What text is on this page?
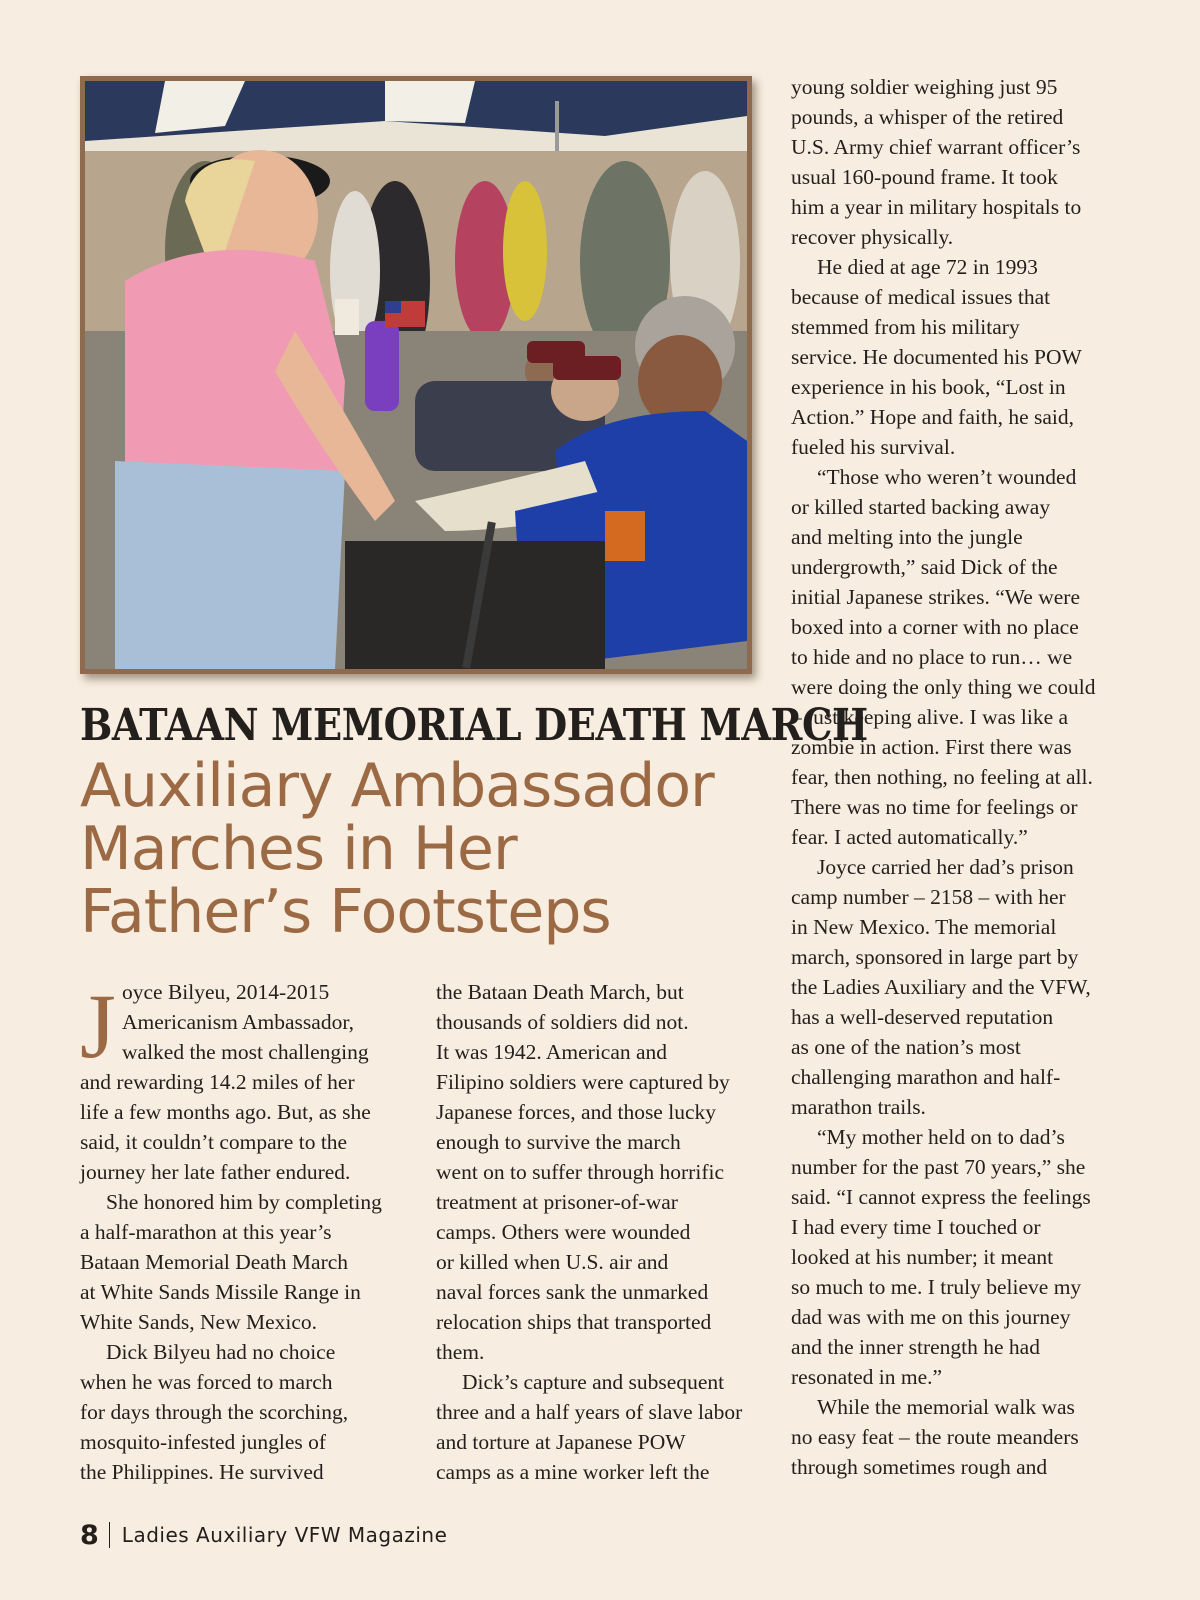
BATAAN MEMORIAL DEATH MARCH
Auxiliary Ambassador
Marches in Her
Father’s Footsteps
J oyce Bilyeu, 2014-2015
Americanism Ambassador,
walked the most challenging
and rewarding 14.2 miles of her
life a few months ago. But, as she
said, it couldn’t compare to the
journey her late father endured.
She honored him by completing
a half-marathon at this year’s
Bataan Memorial Death March
at White Sands Missile Range in
White Sands, New Mexico.
Dick Bilyeu had no choice
when he was forced to march
for days through the scorching,
mosquito-infested jungles of
the Philippines. He survived
the Bataan Death March, but
thousands of soldiers did not.
It was 1942. American and
Filipino soldiers were captured by
Japanese forces, and those lucky
enough to survive the march
went on to suffer through horrific
treatment at prisoner-of-war
camps. Others were wounded
or killed when U.S. air and
naval forces sank the unmarked
relocation ships that transported
them.
Dick’s capture and subsequent
three and a half years of slave labor
and torture at Japanese POW
camps as a mine worker left the
young soldier weighing just 95
pounds, a whisper of the retired
U.S. Army chief warrant officer’s
usual 160-pound frame. It took
him a year in military hospitals to
recover physically.
He died at age 72 in 1993
because of medical issues that
stemmed from his military
service. He documented his POW
experience in his book, “Lost in
Action.” Hope and faith, he said,
fueled his survival.
“Those who weren’t wounded
or killed started backing away
and melting into the jungle
undergrowth,” said Dick of the
initial Japanese strikes. “We were
boxed into a corner with no place
to hide and no place to run… we
were doing the only thing we could
– just keeping alive. I was like a
zombie in action. First there was
fear, then nothing, no feeling at all.
There was no time for feelings or
fear. I acted automatically.”
Joyce carried her dad’s prison
camp number – 2158 – with her
in New Mexico. The memorial
march, sponsored in large part by
the Ladies Auxiliary and the VFW,
has a well-deserved reputation
as one of the nation’s most
challenging marathon and half-
marathon trails.
“My mother held on to dad’s
number for the past 70 years,” she
said. “I cannot express the feelings
I had every time I touched or
looked at his number; it meant
so much to me. I truly believe my
dad was with me on this journey
and the inner strength he had
resonated in me.”
While the memorial walk was
no easy feat – the route meanders
through sometimes rough and
8 Ladies Auxiliary VFW Magazine
